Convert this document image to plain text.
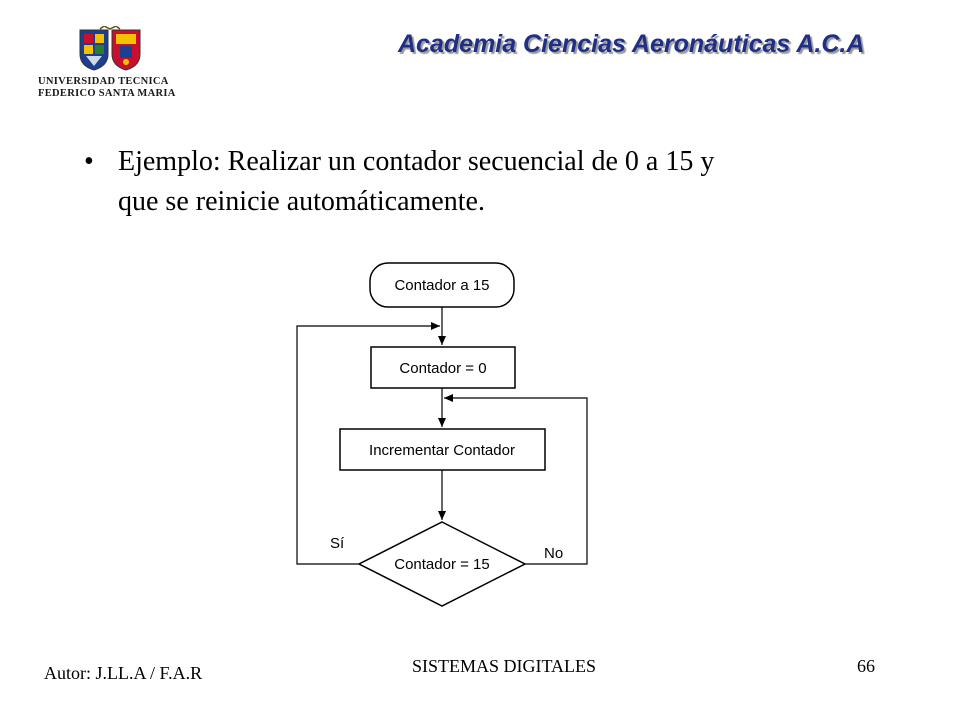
UNIVERSIDAD TECNICA
FEDERICO SANTA MARIA
Academia Ciencias Aeronáuticas A.C.A
• Ejemplo: Realizar un contador secuencial de 0 a 15 y
que se reinicie automáticamente.
Contador a 15
Contador = 0
Incrementar Contador
Contador = 15
Sí
No
Autor: J.LL.A / F.A.R	SISTEMAS DIGITALES	66
